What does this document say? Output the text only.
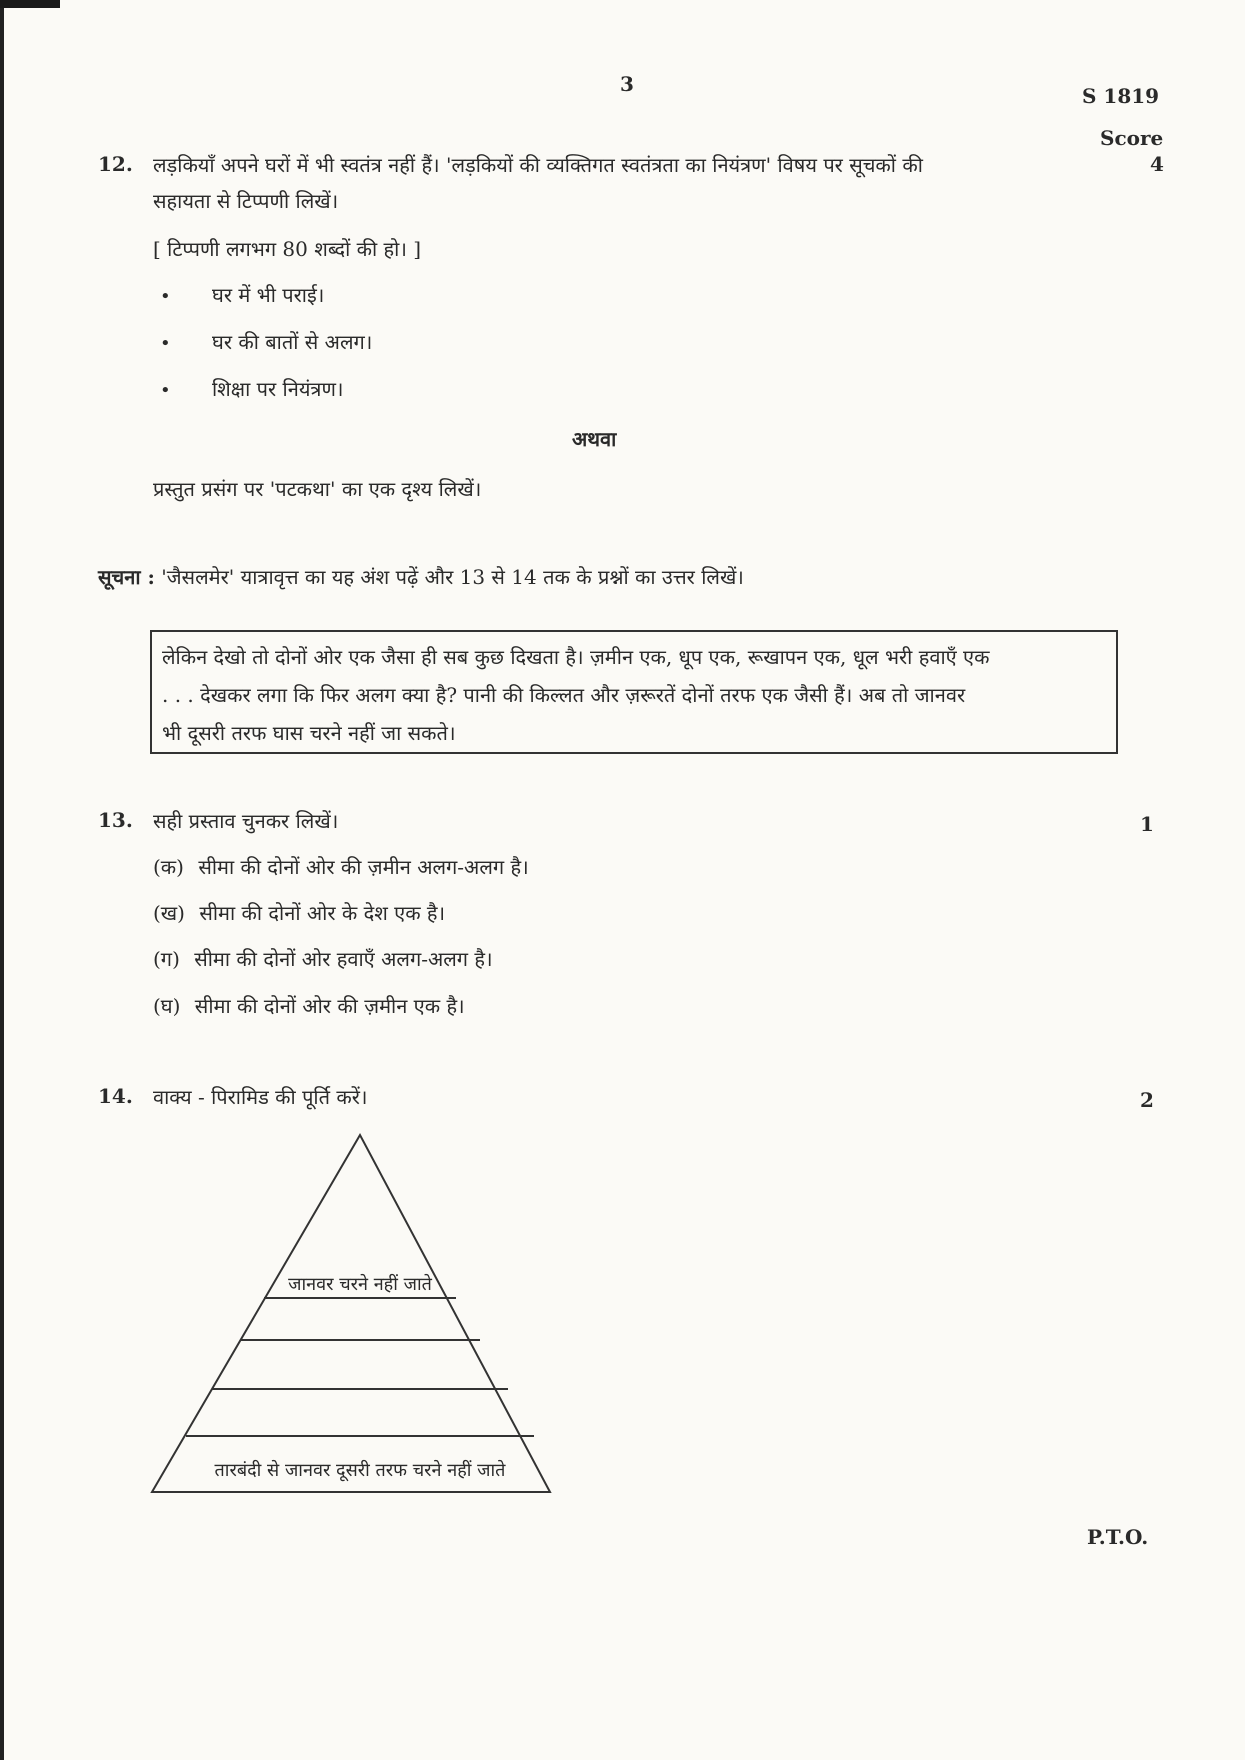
3	S 1819
Score
12. लड़कियाँ अपने घरों में भी स्वतंत्र नहीं हैं। 'लड़कियों की व्यक्तिगत स्वतंत्रता का नियंत्रण' विषय पर सूचकों की
सहायता से टिप्पणी लिखें।
4
[ टिप्पणी लगभग 80 शब्दों की हो। ]
• घर में भी पराई।
• घर की बातों से अलग।
• शिक्षा पर नियंत्रण।
अथवा
प्रस्तुत प्रसंग पर 'पटकथा' का एक दृश्य लिखें।
सूचना : 'जैसलमेर' यात्रावृत्त का यह अंश पढ़ें और 13 से 14 तक के प्रश्नों का उत्तर लिखें।
लेकिन देखो तो दोनों ओर एक जैसा ही सब कुछ दिखता है। ज़मीन एक, धूप एक, रूखापन एक, धूल भरी हवाएँ एक
. . . देखकर लगा कि फिर अलग क्या है? पानी की किल्लत और ज़रूरतें दोनों तरफ एक जैसी हैं। अब तो जानवर
भी दूसरी तरफ घास चरने नहीं जा सकते।
13. सही प्रस्ताव चुनकर लिखें।	1
(क) सीमा की दोनों ओर की ज़मीन अलग-अलग है।
(ख) सीमा की दोनों ओर के देश एक है।
(ग) सीमा की दोनों ओर हवाएँ अलग-अलग है।
(घ) सीमा की दोनों ओर की ज़मीन एक है।
14. वाक्य - पिरामिड की पूर्ति करें।	2
जानवर चरने नहीं जाते
तारबंदी से जानवर दूसरी तरफ चरने नहीं जाते
P.T.O.
